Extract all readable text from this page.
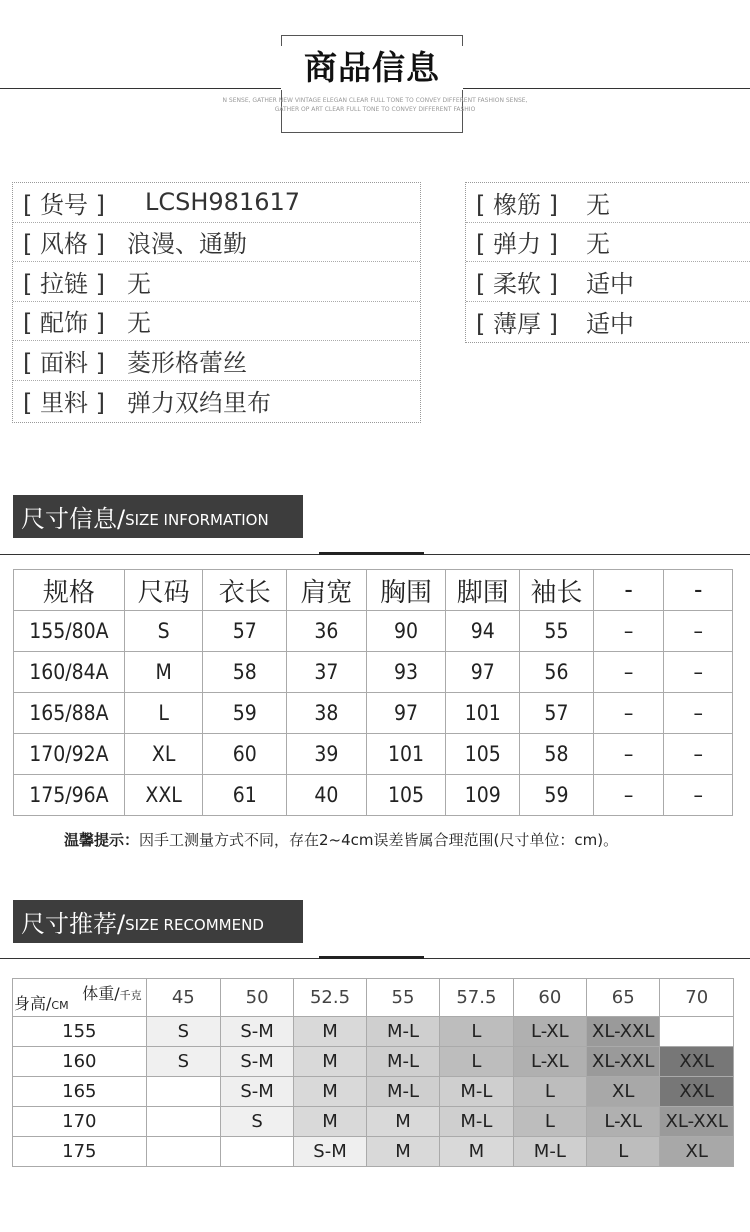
商品信息
N SENSE, GATHER NEW VINTAGE ELEGAN CLEAR FULL TONE TO CONVEY DIFFERENT FASHION SENSE, GATHER OP ART CLEAR FULL TONE TO CONVEY DIFFERENT FASHIO
[ 货号 ]	LCSH981617
[ 风格 ] 浪漫、通勤
[ 拉链 ] 无
[ 配饰 ] 无
[ 面料 ] 菱形格蕾丝
[ 里料 ] 弹力双绉里布
[ 橡筋 ]	无
[ 弹力 ]	无
[ 柔软 ]	适中
[ 薄厚 ]	适中
尺寸信息/ SIZE INFORMATION
规格	尺码	衣长	肩宽	胸围	脚围	袖长	-	-
155/80A	S	57	36	90	94	55	–	–
160/84A	M	58	37	93	97	56	–	–
165/88A	L	59	38	97	101	57	–	–
170/92A	XL	60	39	101	105	58	–	–
175/96A	XXL	61	40	105	109	59	–	–
温馨提示：因手工测量方式不同，存在2~4cm误差皆属合理范围(尺寸单位：cm)。
尺寸推荐/ SIZE RECOMMEND
体重/千克
身高/CM	45	50	52.5	55	57.5	60	65	70
155	S	S-M	M	M-L	L	L-XL	XL-XXL	
160	S	S-M	M	M-L	L	L-XL	XL-XXL	XXL
165		S-M	M	M-L	M-L	L	XL	XXL
170		S	M	M	M-L	L	L-XL	XL-XXL
175			S-M	M	M	M-L	L	XL
